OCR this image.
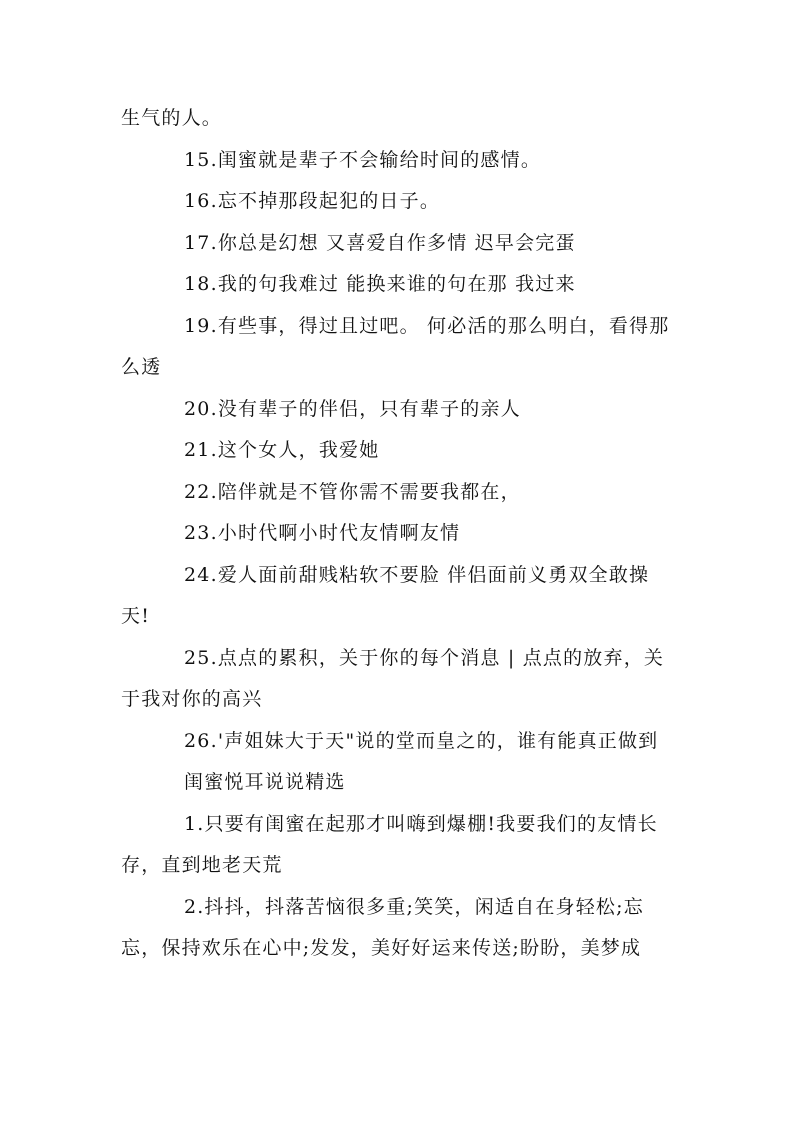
生气的人。

15.闺蜜就是辈子不会输给时间的感情。

16.忘不掉那段起犯的日子。

17.你总是幻想 又喜爱自作多情 迟早会完蛋

18.我的句我难过 能换来谁的句在那 我过来

19.有些事，得过且过吧。 何必活的那么明白，看得那么透

20.没有辈子的伴侣，只有辈子的亲人

21.这个女人，我爱她

22.陪伴就是不管你需不需要我都在，

23.小时代啊小时代友情啊友情

24.爱人面前甜贱粘软不要脸 伴侣面前义勇双全敢操天!

25.点点的累积，关于你的每个消息 | 点点的放弃，关于我对你的高兴

26.'声姐妹大于天"说的堂而皇之的，谁有能真正做到

闺蜜悦耳说说精选

1.只要有闺蜜在起那才叫嗨到爆棚!我要我们的友情长存，直到地老天荒

2.抖抖，抖落苦恼很多重;笑笑，闲适自在身轻松;忘忘，保持欢乐在心中;发发，美好好运来传送;盼盼，美梦成
